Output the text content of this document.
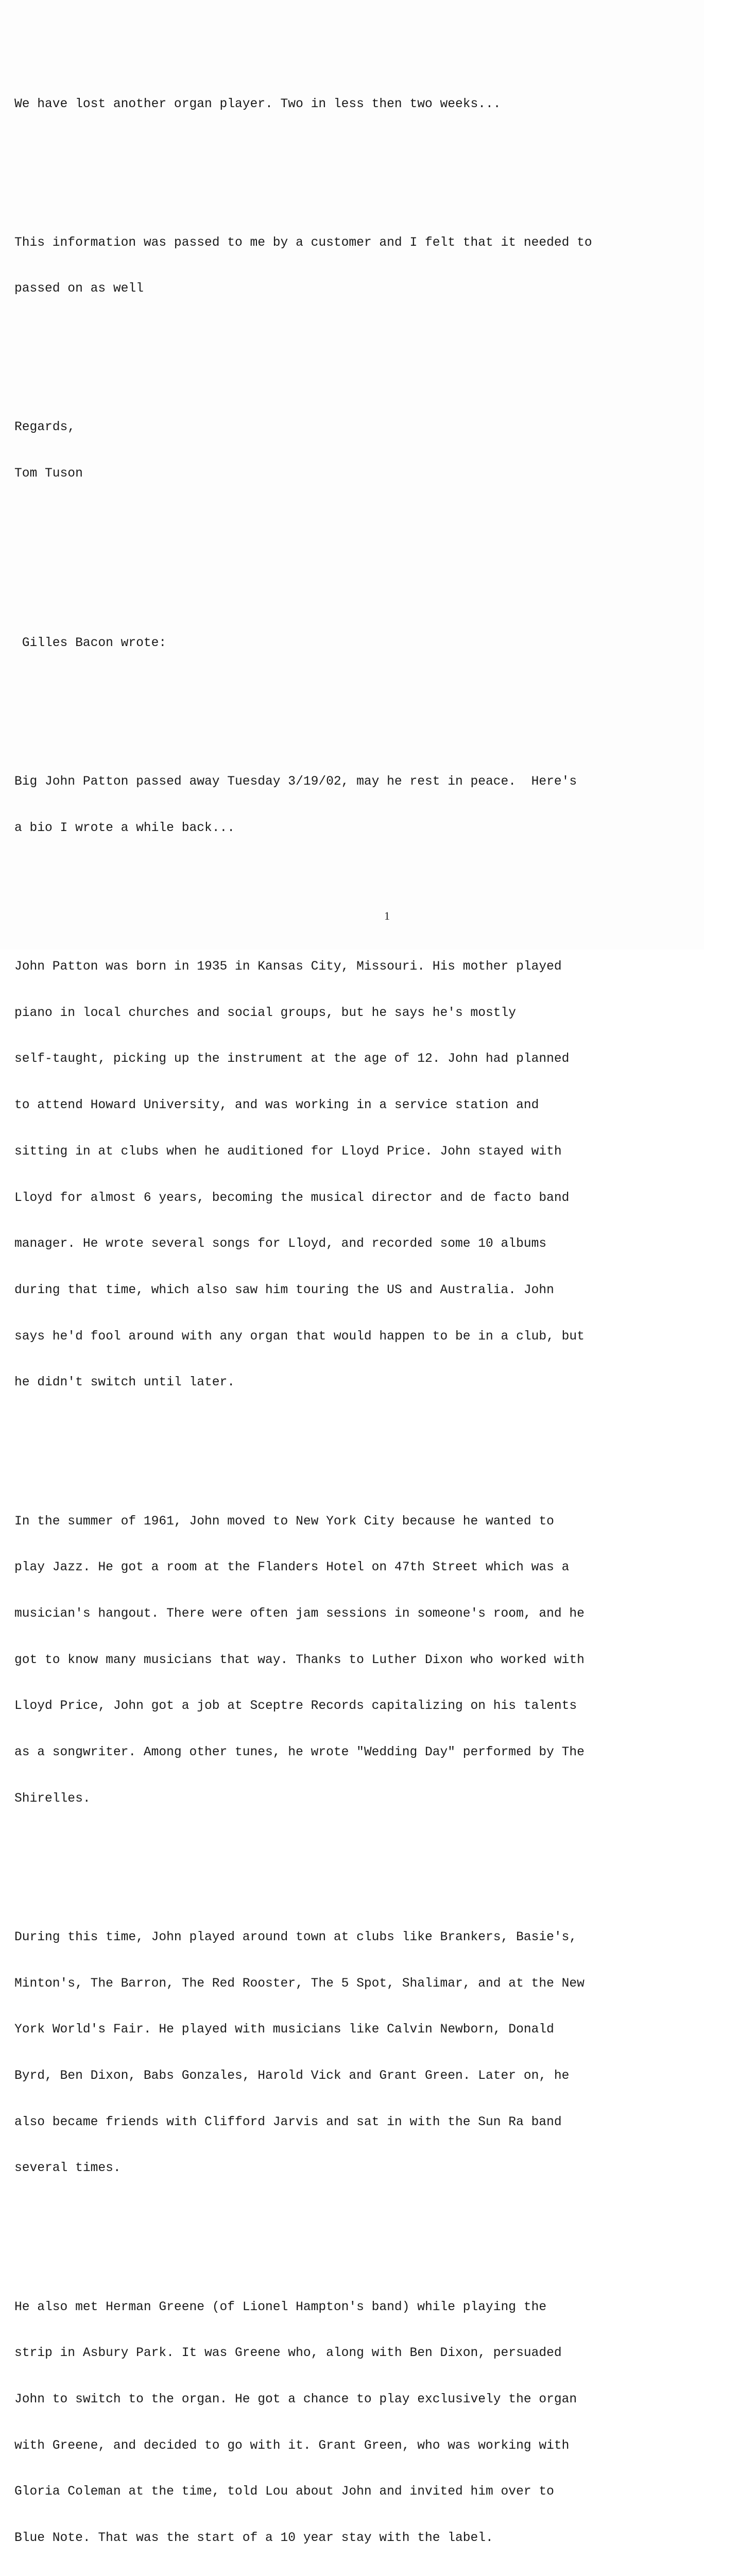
We have lost another organ player. Two in less then two weeks...

This information was passed to me by a customer and I felt that it needed to

passed on as well

Regards,

Tom Tuson

Gilles Bacon wrote:

Big John Patton passed away Tuesday 3/19/02, may he rest in peace.  Here's

a bio I wrote a while back...

John Patton was born in 1935 in Kansas City, Missouri. His mother played

piano in local churches and social groups, but he says he's mostly

self-taught, picking up the instrument at the age of 12. John had planned

to attend Howard University, and was working in a service station and

sitting in at clubs when he auditioned for Lloyd Price. John stayed with

Lloyd for almost 6 years, becoming the musical director and de facto band

manager. He wrote several songs for Lloyd, and recorded some 10 albums

during that time, which also saw him touring the US and Australia. John

says he'd fool around with any organ that would happen to be in a club, but

he didn't switch until later.

In the summer of 1961, John moved to New York City because he wanted to

play Jazz. He got a room at the Flanders Hotel on 47th Street which was a

musician's hangout. There were often jam sessions in someone's room, and he

got to know many musicians that way. Thanks to Luther Dixon who worked with

Lloyd Price, John got a job at Sceptre Records capitalizing on his talents

as a songwriter. Among other tunes, he wrote "Wedding Day" performed by The

Shirelles.

During this time, John played around town at clubs like Brankers, Basie's,

Minton's, The Barron, The Red Rooster, The 5 Spot, Shalimar, and at the New

York World's Fair. He played with musicians like Calvin Newborn, Donald

Byrd, Ben Dixon, Babs Gonzales, Harold Vick and Grant Green. Later on, he

also became friends with Clifford Jarvis and sat in with the Sun Ra band

several times.

He also met Herman Greene (of Lionel Hampton's band) while playing the

strip in Asbury Park. It was Greene who, along with Ben Dixon, persuaded

John to switch to the organ. He got a chance to play exclusively the organ

with Greene, and decided to go with it. Grant Green, who was working with

Gloria Coleman at the time, told Lou about John and invited him over to

Blue Note. That was the start of a 10 year stay with the label.

1
